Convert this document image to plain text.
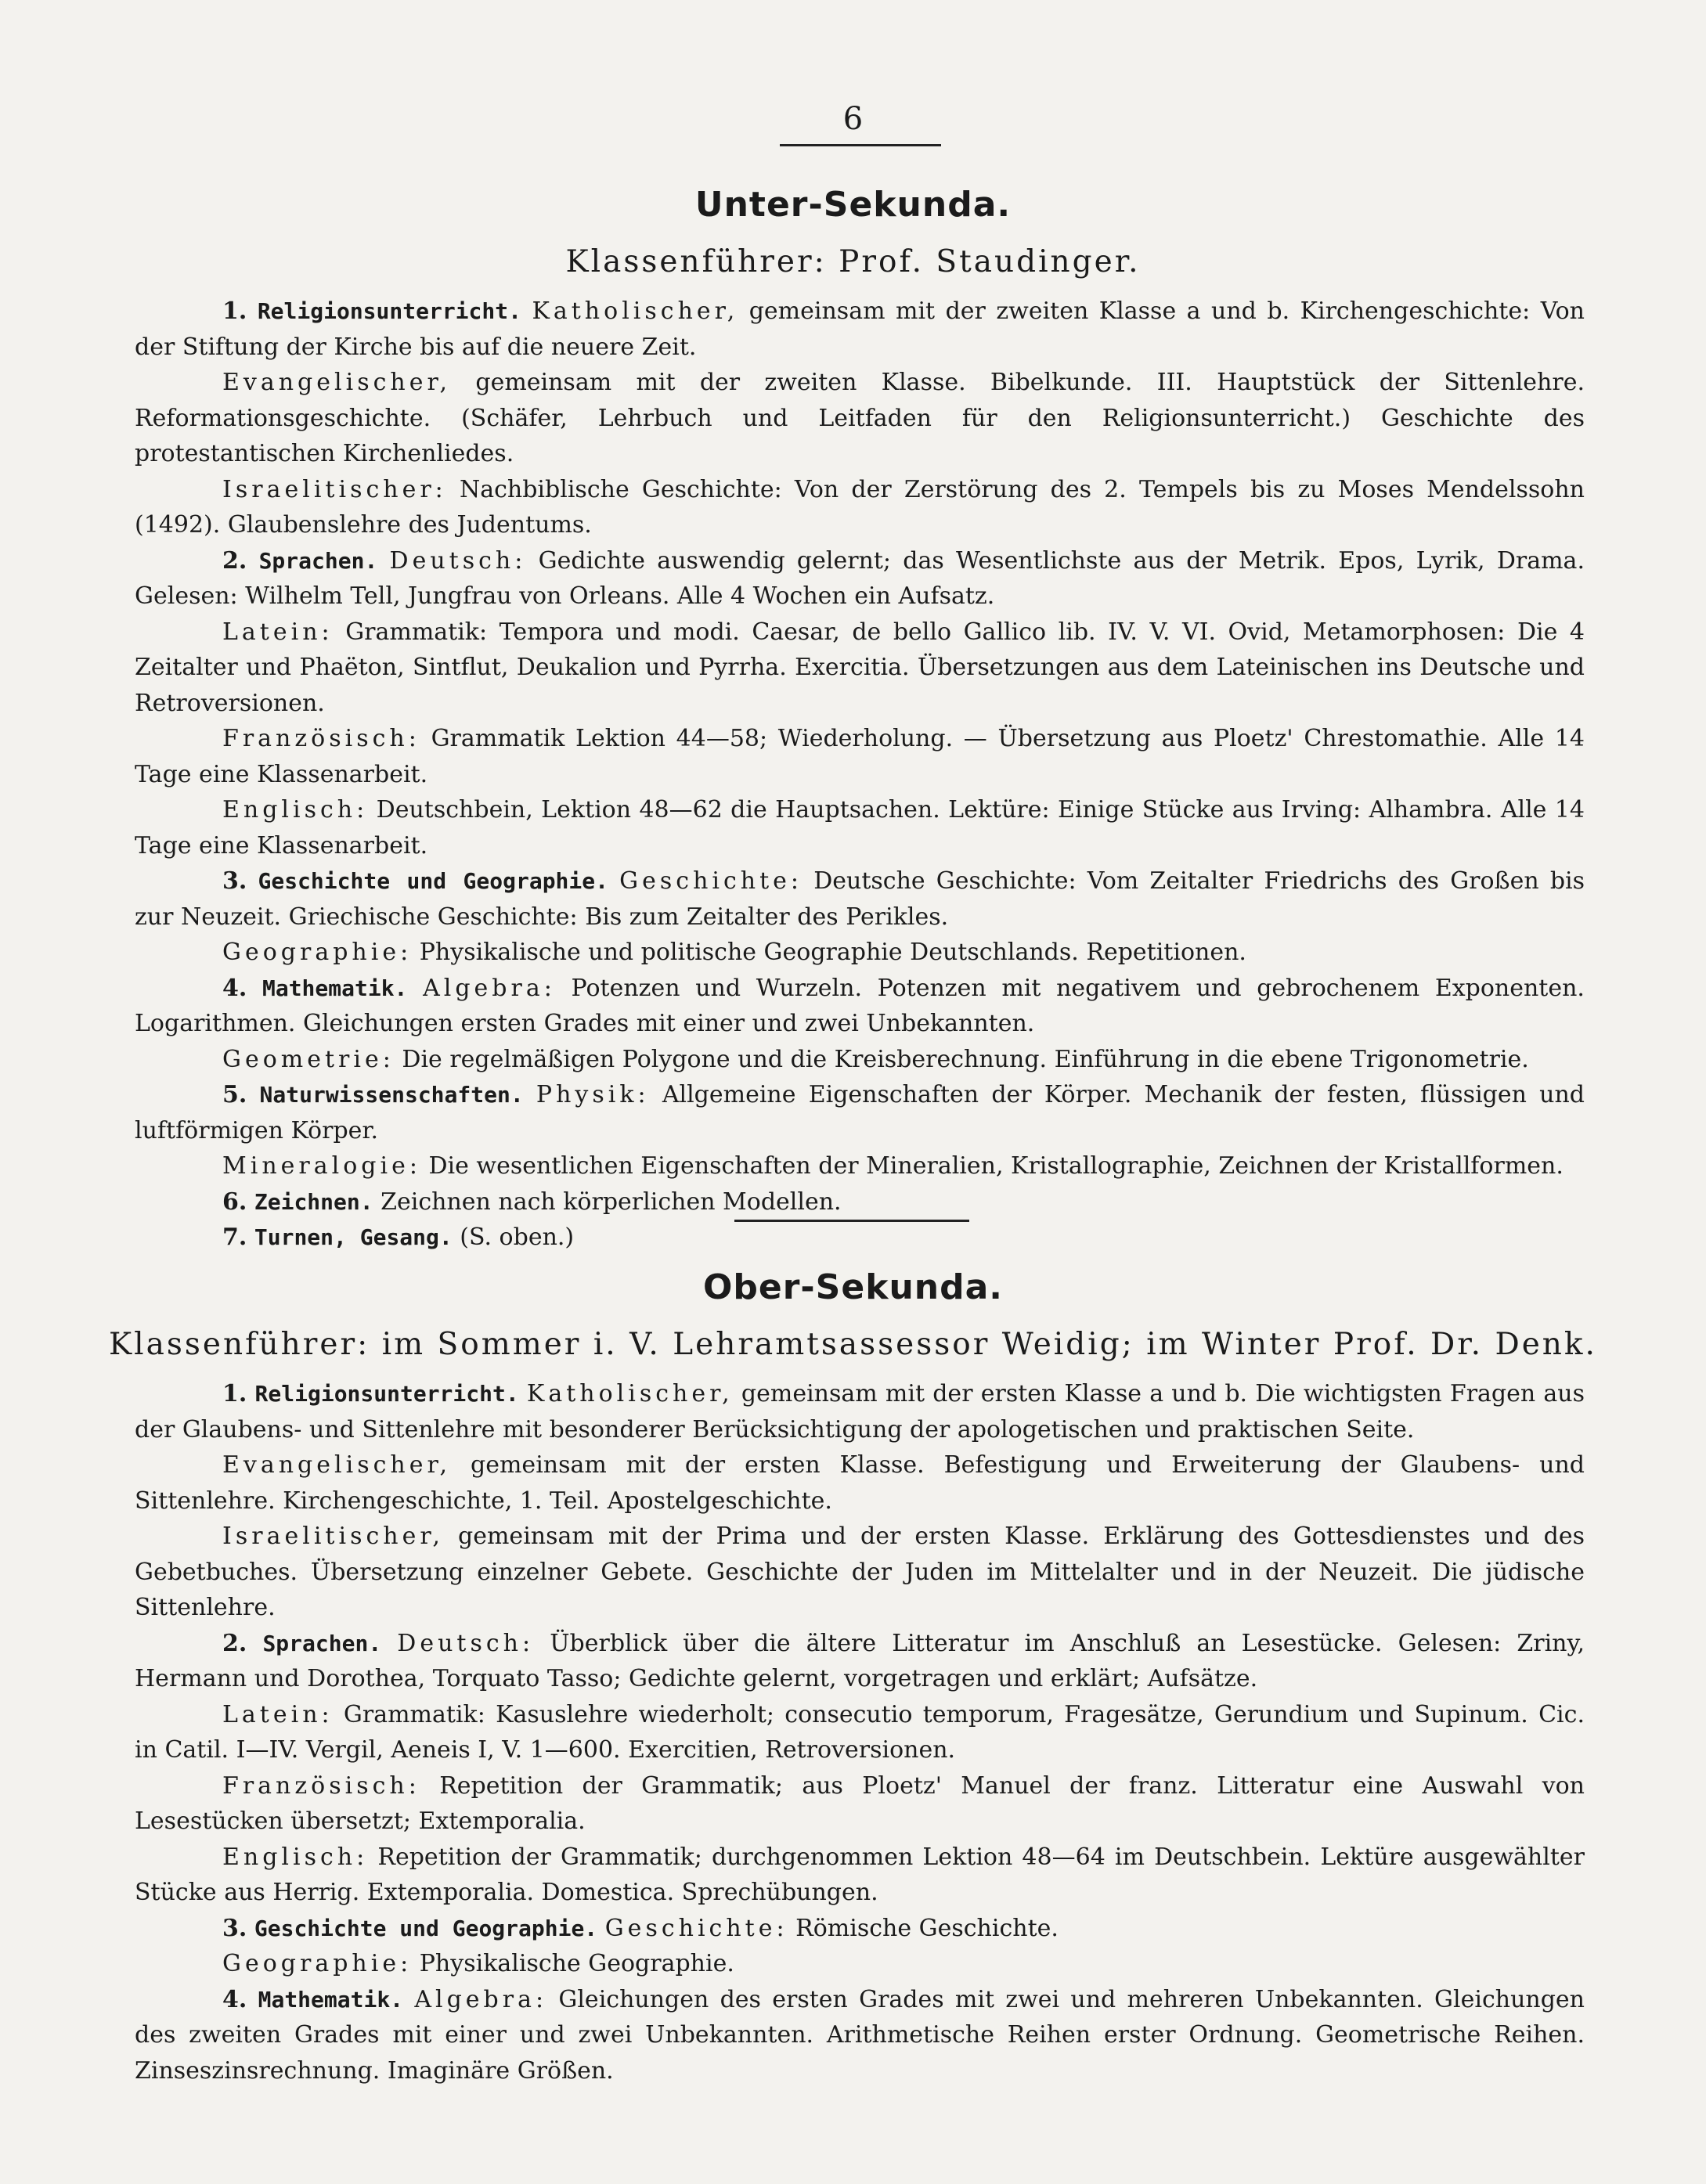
6
Unter-Sekunda.
Klassenführer: Prof. Staudinger.

1. Religionsunterricht. Katholischer, gemeinsam mit der zweiten Klasse a und b. Kirchengeschichte: Von der Stiftung der Kirche bis auf die neuere Zeit.

Evangelischer, gemeinsam mit der zweiten Klasse. Bibelkunde. III. Hauptstück der Sittenlehre. Reformationsgeschichte. (Schäfer, Lehrbuch und Leitfaden für den Religionsunterricht.) Geschichte des protestantischen Kirchenliedes.

Israelitischer: Nachbiblische Geschichte: Von der Zerstörung des 2. Tempels bis zu Moses Mendelssohn (1492). Glaubenslehre des Judentums.

2. Sprachen. Deutsch: Gedichte auswendig gelernt; das Wesentlichste aus der Metrik. Epos, Lyrik, Drama. Gelesen: Wilhelm Tell, Jungfrau von Orleans. Alle 4 Wochen ein Aufsatz.

Latein: Grammatik: Tempora und modi. Caesar, de bello Gallico lib. IV. V. VI. Ovid, Metamorphosen: Die 4 Zeitalter und Phaëton, Sintflut, Deukalion und Pyrrha. Exercitia. Übersetzungen aus dem Lateinischen ins Deutsche und Retroversionen.

Französisch: Grammatik Lektion 44—58; Wiederholung. — Übersetzung aus Ploetz' Chrestomathie. Alle 14 Tage eine Klassenarbeit.

Englisch: Deutschbein, Lektion 48—62 die Hauptsachen. Lektüre: Einige Stücke aus Irving: Alhambra. Alle 14 Tage eine Klassenarbeit.

3. Geschichte und Geographie. Geschichte: Deutsche Geschichte: Vom Zeitalter Friedrichs des Großen bis zur Neuzeit. Griechische Geschichte: Bis zum Zeitalter des Perikles.

Geographie: Physikalische und politische Geographie Deutschlands. Repetitionen.

4. Mathematik. Algebra: Potenzen und Wurzeln. Potenzen mit negativem und gebrochenem Exponenten. Logarithmen. Gleichungen ersten Grades mit einer und zwei Unbekannten.

Geometrie: Die regelmäßigen Polygone und die Kreisberechnung. Einführung in die ebene Trigonometrie.

5. Naturwissenschaften. Physik: Allgemeine Eigenschaften der Körper. Mechanik der festen, flüssigen und luftförmigen Körper.

Mineralogie: Die wesentlichen Eigenschaften der Mineralien, Kristallographie, Zeichnen der Kristallformen.

6. Zeichnen. Zeichnen nach körperlichen Modellen.

7. Turnen, Gesang. (S. oben.)

Ober-Sekunda.
Klassenführer: im Sommer i. V. Lehramtsassessor Weidig; im Winter Prof. Dr. Denk.

1. Religionsunterricht. Katholischer, gemeinsam mit der ersten Klasse a und b. Die wichtigsten Fragen aus der Glaubens- und Sittenlehre mit besonderer Berücksichtigung der apologetischen und praktischen Seite.

Evangelischer, gemeinsam mit der ersten Klasse. Befestigung und Erweiterung der Glaubens- und Sittenlehre. Kirchengeschichte, 1. Teil. Apostelgeschichte.

Israelitischer, gemeinsam mit der Prima und der ersten Klasse. Erklärung des Gottesdienstes und des Gebetbuches. Übersetzung einzelner Gebete. Geschichte der Juden im Mittelalter und in der Neuzeit. Die jüdische Sittenlehre.

2. Sprachen. Deutsch: Überblick über die ältere Litteratur im Anschluß an Lesestücke. Gelesen: Zriny, Hermann und Dorothea, Torquato Tasso; Gedichte gelernt, vorgetragen und erklärt; Aufsätze.

Latein: Grammatik: Kasuslehre wiederholt; consecutio temporum, Fragesätze, Gerundium und Supinum. Cic. in Catil. I—IV. Vergil, Aeneis I, V. 1—600. Exercitien, Retroversionen.

Französisch: Repetition der Grammatik; aus Ploetz' Manuel der franz. Litteratur eine Auswahl von Lesestücken übersetzt; Extemporalia.

Englisch: Repetition der Grammatik; durchgenommen Lektion 48—64 im Deutschbein. Lektüre ausgewählter Stücke aus Herrig. Extemporalia. Domestica. Sprechübungen.

3. Geschichte und Geographie. Geschichte: Römische Geschichte.

Geographie: Physikalische Geographie.

4. Mathematik. Algebra: Gleichungen des ersten Grades mit zwei und mehreren Unbekannten. Gleichungen des zweiten Grades mit einer und zwei Unbekannten. Arithmetische Reihen erster Ordnung. Geometrische Reihen. Zinseszinsrechnung. Imaginäre Größen.
